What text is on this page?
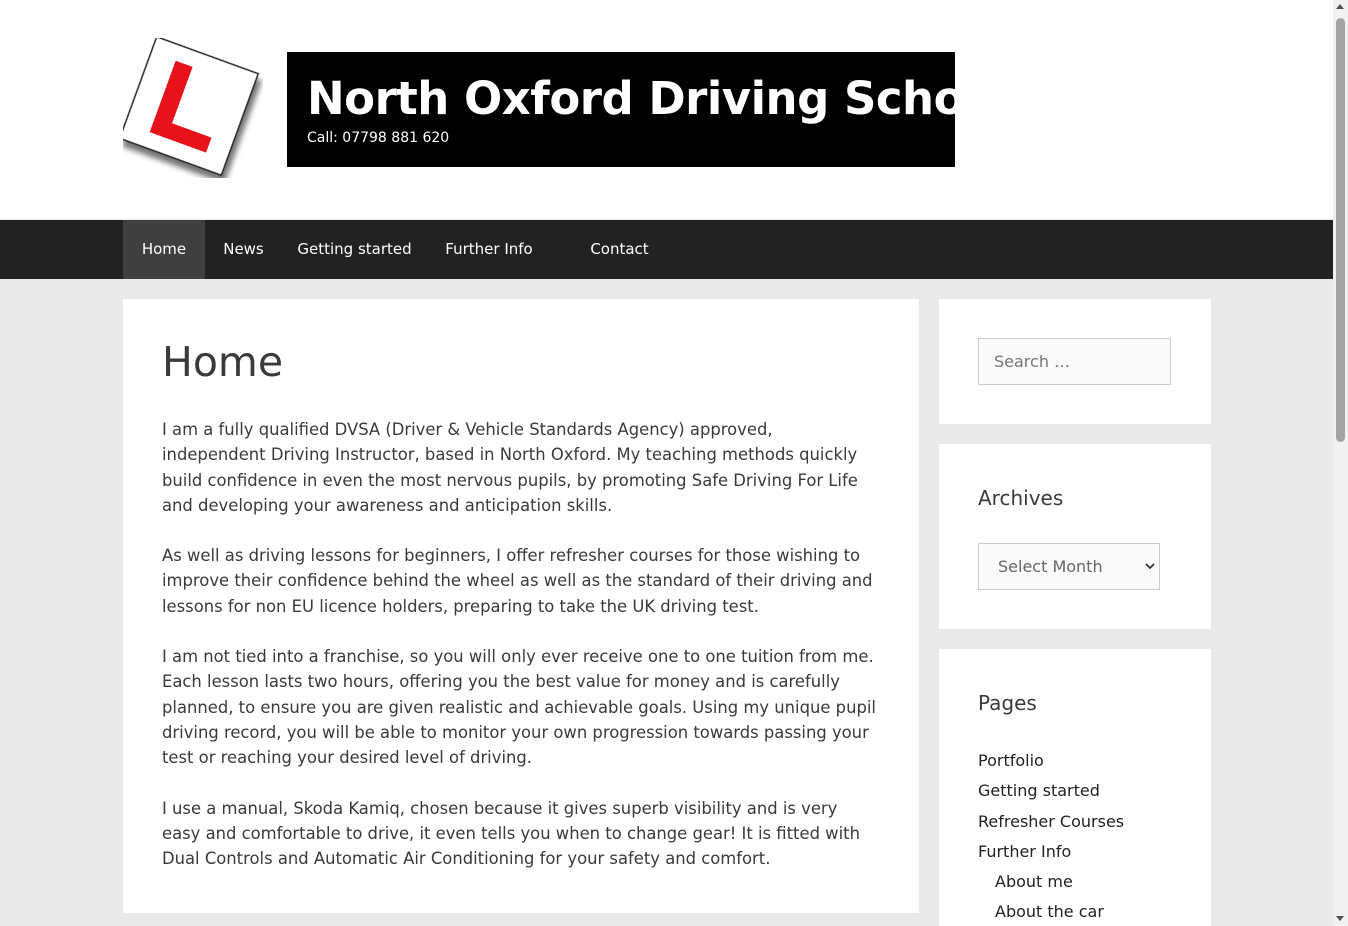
North Oxford Driving School
Call: 07798 881 620
Home	News	Getting started	Further Info	Contact
Home

I am a fully qualified DVSA (Driver & Vehicle Standards Agency) approved, independent Driving Instructor, based in North Oxford. My teaching methods quickly build confidence in even the most nervous pupils, by promoting Safe Driving For Life and developing your awareness and anticipation skills.

As well as driving lessons for beginners, I offer refresher courses for those wishing to improve their confidence behind the wheel as well as the standard of their driving and lessons for non EU licence holders, preparing to take the UK driving test.

I am not tied into a franchise, so you will only ever receive one to one tuition from me. Each lesson lasts two hours, offering you the best value for money and is carefully planned, to ensure you are given realistic and achievable goals. Using my unique pupil driving record, you will be able to monitor your own progression towards passing your test or reaching your desired level of driving.

I use a manual, Skoda Kamiq, chosen because it gives superb visibility and is very easy and comfortable to drive, it even tells you when to change gear! It is fitted with Dual Controls and Automatic Air Conditioning for your safety and comfort.

Search …
Archives
Select Month
Pages
Portfolio
Getting started
Refresher Courses
Further Info
About me
About the car
